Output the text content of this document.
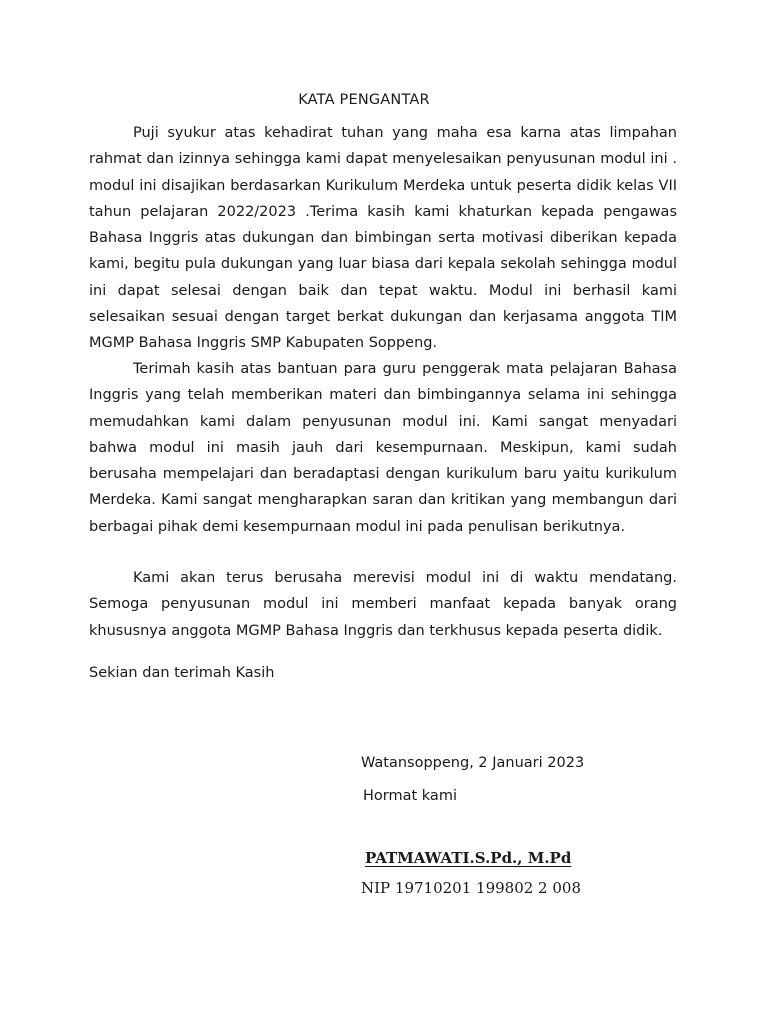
KATA PENGANTAR

Puji syukur atas kehadirat tuhan yang maha esa karna atas limpahan rahmat dan izinnya sehingga kami dapat menyelesaikan penyusunan modul ini . modul ini disajikan berdasarkan Kurikulum Merdeka untuk peserta didik kelas VII tahun pelajaran 2022/2023 .Terima kasih kami khaturkan kepada pengawas Bahasa Inggris atas dukungan dan bimbingan serta motivasi diberikan kepada kami, begitu pula dukungan yang luar biasa dari kepala sekolah sehingga modul ini dapat selesai dengan baik dan tepat waktu. Modul ini berhasil kami selesaikan sesuai dengan target berkat dukungan dan kerjasama anggota TIM MGMP Bahasa Inggris SMP Kabupaten Soppeng.

Terimah kasih atas bantuan para guru penggerak mata pelajaran Bahasa Inggris yang telah memberikan materi dan bimbingannya selama ini sehingga memudahkan kami dalam penyusunan modul ini. Kami sangat menyadari bahwa modul ini masih jauh dari kesempurnaan. Meskipun, kami sudah berusaha mempelajari dan beradaptasi dengan kurikulum baru yaitu kurikulum Merdeka. Kami sangat mengharapkan saran dan kritikan yang membangun dari berbagai pihak demi kesempurnaan modul ini pada penulisan berikutnya.

Kami akan terus berusaha merevisi modul ini di waktu mendatang. Semoga penyusunan modul ini memberi manfaat kepada banyak orang khususnya anggota MGMP Bahasa Inggris dan terkhusus kepada peserta didik.

Sekian dan terimah Kasih

Watansoppeng, 2 Januari 2023

Hormat kami

PATMAWATI.S.Pd., M.Pd

NIP 19710201 199802 2 008
